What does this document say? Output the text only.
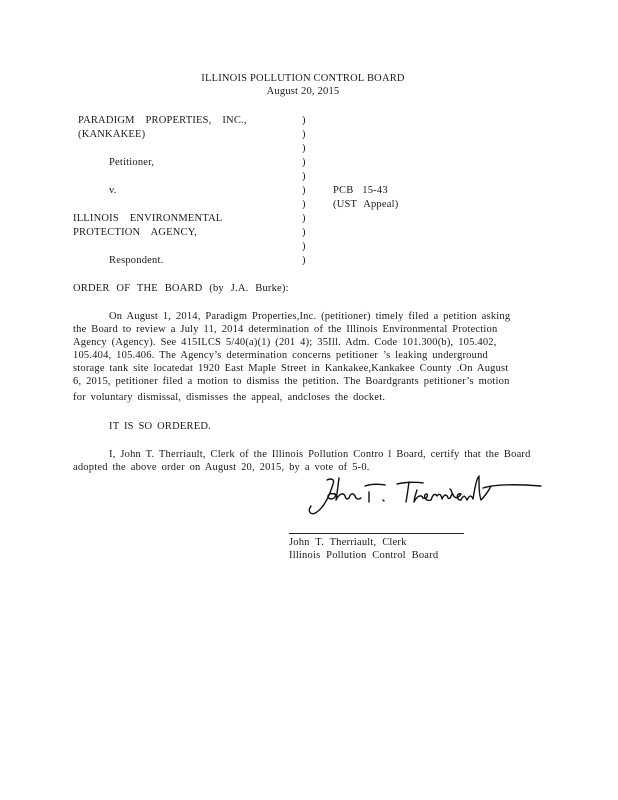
ILLINOIS POLLUTION CONTROL BOARD
August 20, 2015
PARADIGM PROPERTIES, INC.,
(KANKAKEE)
Petitioner,
v.
ILLINOIS ENVIRONMENTAL
PROTECTION AGENCY,
Respondent.
)
)
)
)
)
)
)
)
)
)
)
PCB 15-43
(UST Appeal)
ORDER OF THE BOARD (by J.A. Burke):
On August 1, 2014, Paradigm Properties,Inc. (petitioner) timely filed a petition asking
the Board to review a July 11, 2014 determination of the Illinois Environmental Protection
Agency (Agency). See 415ILCS 5/40(a)(1) (201 4); 35Ill. Adm. Code 101.300(b), 105.402,
105.404, 105.406. The Agency’s determination concerns petitioner ’s leaking underground
storage tank site locatedat 1920 East Maple Street in Kankakee,Kankakee County .On August
6, 2015, petitioner filed a motion to dismiss the petition. The Boardgrants petitioner’s motion
for voluntary dismissal, dismisses the appeal, andcloses the docket.
IT IS SO ORDERED.
I, John T. Therriault, Clerk of the Illinois Pollution Contro l Board, certify that the Board
adopted the above order on August 20, 2015, by a vote of 5-0.
John T. Therriault, Clerk
Illinois Pollution Control Board
